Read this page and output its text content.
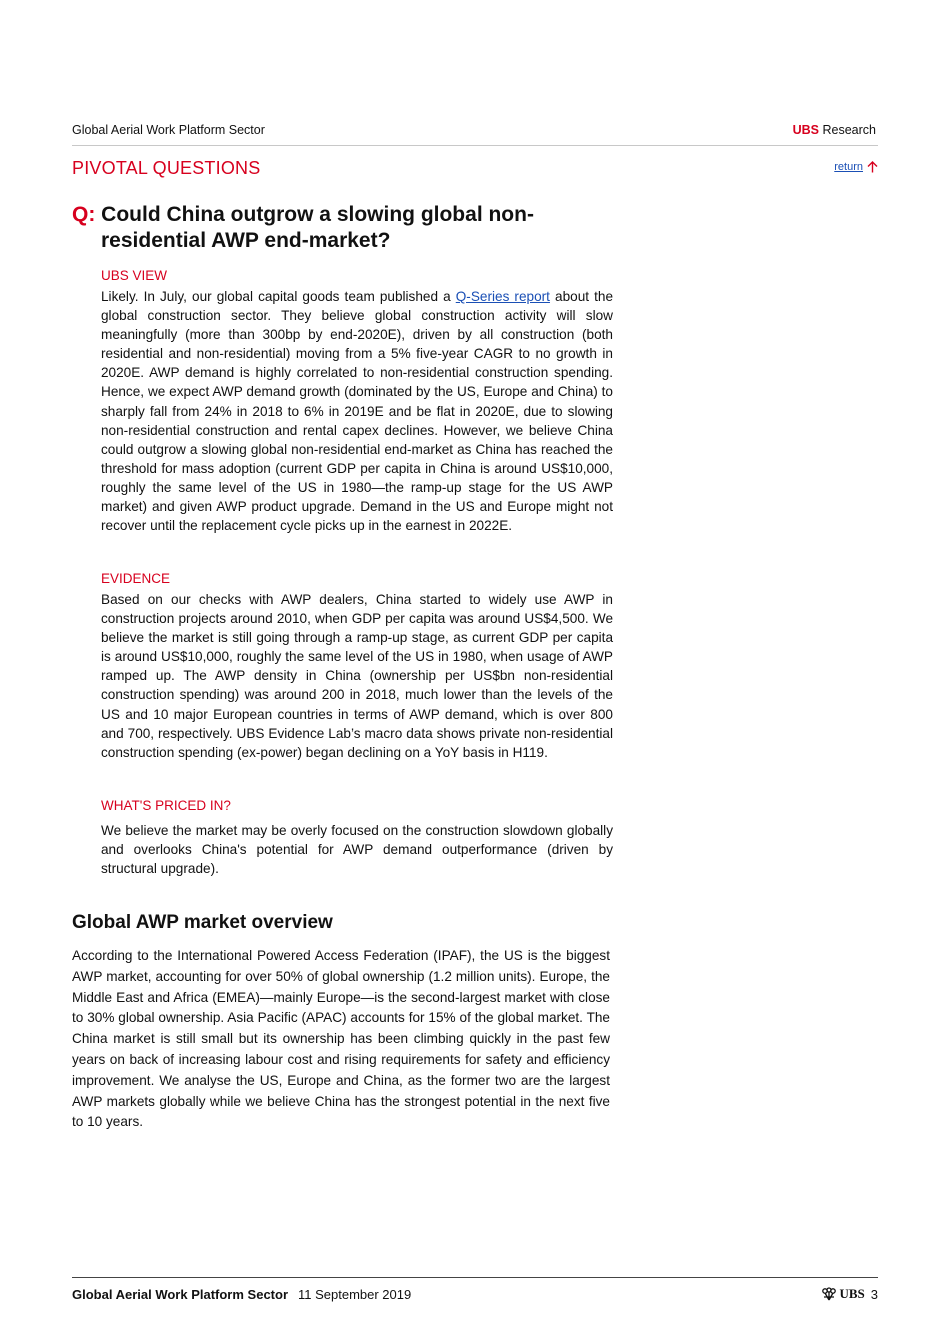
Global Aerial Work Platform Sector	UBS Research
PIVOTAL QUESTIONS	return
Q: Could China outgrow a slowing global non-
residential AWP end-market?
UBS VIEW
Likely. In July, our global capital goods team published a Q-Series report about the global construction sector. They believe global construction activity will slow meaningfully (more than 300bp by end-2020E), driven by all construction (both residential and non-residential) moving from a 5% five-year CAGR to no growth in 2020E. AWP demand is highly correlated to non-residential construction spending. Hence, we expect AWP demand growth (dominated by the US, Europe and China) to sharply fall from 24% in 2018 to 6% in 2019E and be flat in 2020E, due to slowing non-residential construction and rental capex declines. However, we believe China could outgrow a slowing global non-residential end-market as China has reached the threshold for mass adoption (current GDP per capita in China is around US$10,000, roughly the same level of the US in 1980—the ramp-up stage for the US AWP market) and given AWP product upgrade. Demand in the US and Europe might not recover until the replacement cycle picks up in the earnest in 2022E.
EVIDENCE
Based on our checks with AWP dealers, China started to widely use AWP in construction projects around 2010, when GDP per capita was around US$4,500. We believe the market is still going through a ramp-up stage, as current GDP per capita is around US$10,000, roughly the same level of the US in 1980, when usage of AWP ramped up. The AWP density in China (ownership per US$bn non-residential construction spending) was around 200 in 2018, much lower than the levels of the US and 10 major European countries in terms of AWP demand, which is over 800 and 700, respectively. UBS Evidence Lab’s macro data shows private non-residential construction spending (ex-power) began declining on a YoY basis in H119.
WHAT'S PRICED IN?
We believe the market may be overly focused on the construction slowdown globally and overlooks China's potential for AWP demand outperformance (driven by structural upgrade).
Global AWP market overview
According to the International Powered Access Federation (IPAF), the US is the biggest AWP market, accounting for over 50% of global ownership (1.2 million units). Europe, the Middle East and Africa (EMEA)—mainly Europe—is the second-largest market with close to 30% global ownership. Asia Pacific (APAC) accounts for 15% of the global market. The China market is still small but its ownership has been climbing quickly in the past few years on back of increasing labour cost and rising requirements for safety and efficiency improvement. We analyse the US, Europe and China, as the former two are the largest AWP markets globally while we believe China has the strongest potential in the next five to 10 years.
Global Aerial Work Platform Sector 11 September 2019	UBS 3
